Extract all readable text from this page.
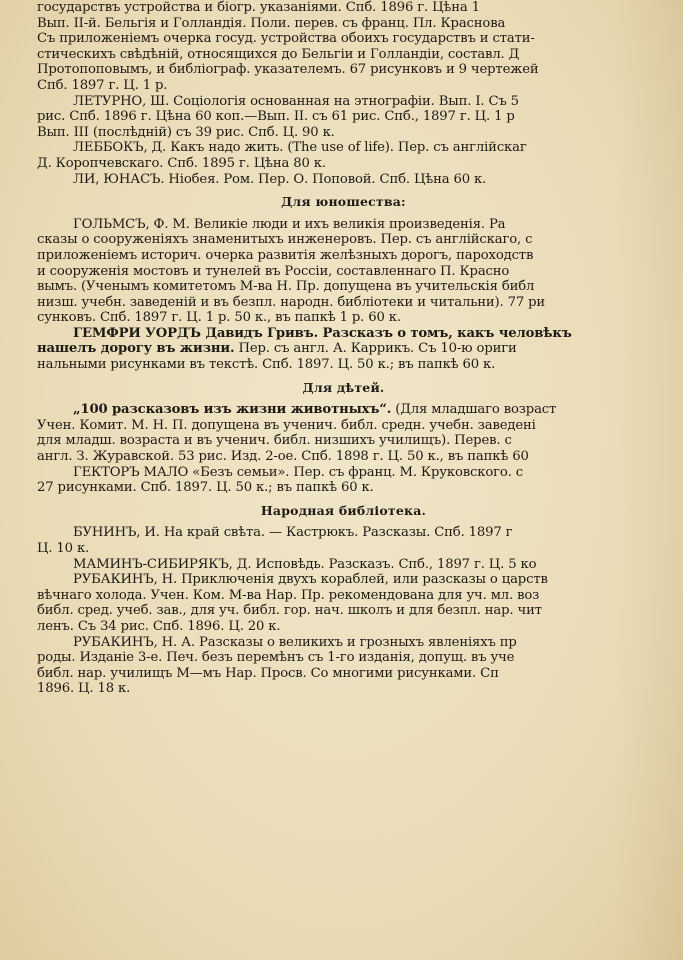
государствъ устройства и біогр. указаніями. Спб. 1896 г. Цѣна 1
Вып. II-й. Бельгія и Голландія. Поли. перев. съ франц. Пл. Краснова
Съ приложеніемъ очерка госуд. устройства обоихъ государствъ и стати-
стическихъ свѣдѣній, относящихся до Бельгіи и Голландіи, составл. Д
Протопоповымъ, и библіограф. указателемъ. 67 рисунковъ и 9 чертежей
Спб. 1897 г. Ц. 1 р.
ЛЕТУРНО, Ш. Соціологія основанная на этнографіи. Вып. I. Съ 5
рис. Спб. 1896 г. Цѣна 60 коп.—Вып. II. съ 61 рис. Спб., 1897 г. Ц. 1 р
Вып. III (послѣдній) съ 39 рис. Спб. Ц. 90 к.
ЛЕББОКЪ, Д. Какъ надо жить. (The use of life). Пер. съ англійскаг
Д. Коропчевскаго. Спб. 1895 г. Цѣна 80 к.
ЛИ, ЮНАСЪ. Ніобея. Ром. Пер. О. Поповой. Спб. Цѣна 60 к.
Для юношества:
ГОЛЬМСЪ, Ф. М. Великіе люди и ихъ великія произведенія. Ра
сказы о сооруженіяхъ знаменитыхъ инженеровъ. Пер. съ англійскаго, с
приложеніемъ историч. очерка развитія желѣзныхъ дорогъ, пароходств
и сооруженія мостовъ и тунелей въ Россіи, составленнаго П. Красно
вымъ. (Ученымъ комитетомъ М-ва Н. Пр. допущена въ учительскія библ
низш. учебн. заведеній и въ безпл. народн. библіотеки и читальни). 77 ри
сунковъ. Спб. 1897 г. Ц. 1 р. 50 к., въ папкѣ 1 р. 60 к.
ГЕМФРИ УОРДЪ Давидъ Гривъ. Разсказъ о томъ, какъ человѣкъ
нашелъ дорогу въ жизни. Пер. съ англ. А. Каррикъ. Съ 10-ю ориги
нальными рисунками въ текстѣ. Спб. 1897. Ц. 50 к.; въ папкѣ 60 к.
Для дѣтей.
„100 разсказовъ изъ жизни животныхъ“. (Для младшаго возраст
Учен. Комит. М. Н. П. допущена въ ученич. библ. средн. учебн. заведені
для младш. возраста и въ ученич. библ. низшихъ училищъ). Перев. с
англ. З. Журавской. 53 рис. Изд. 2-ое. Спб. 1898 г. Ц. 50 к., въ папкѣ 60
ГЕКТОРЪ МАЛО «Безъ семьи». Пер. съ франц. М. Круковского. с
27 рисунками. Спб. 1897. Ц. 50 к.; въ папкѣ 60 к.
Народная библіотека.
БУНИНЪ, И. На край свѣта. — Кастрюкъ. Разсказы. Спб. 1897 г
Ц. 10 к.
МАМИНЪ-СИБИРЯКЪ, Д. Исповѣдь. Разсказъ. Спб., 1897 г. Ц. 5 ко
РУБАКИНЪ, Н. Приключенія двухъ кораблей, или разсказы о царств
вѣчнаго холода. Учен. Ком. М-ва Нар. Пр. рекомендована для уч. мл. воз
библ. сред. учеб. зав., для уч. библ. гор. нач. школъ и для безпл. нар. чит
ленъ. Съ 34 рис. Спб. 1896. Ц. 20 к.
РУБАКИНЪ, Н. А. Разсказы о великихъ и грозныхъ явленіяхъ пр
роды. Изданіе 3-е. Печ. безъ перемѣнъ съ 1-го изданія, допущ. въ уче
библ. нар. училищъ М—мъ Нар. Просв. Со многими рисунками. Сп
1896. Ц. 18 к.
